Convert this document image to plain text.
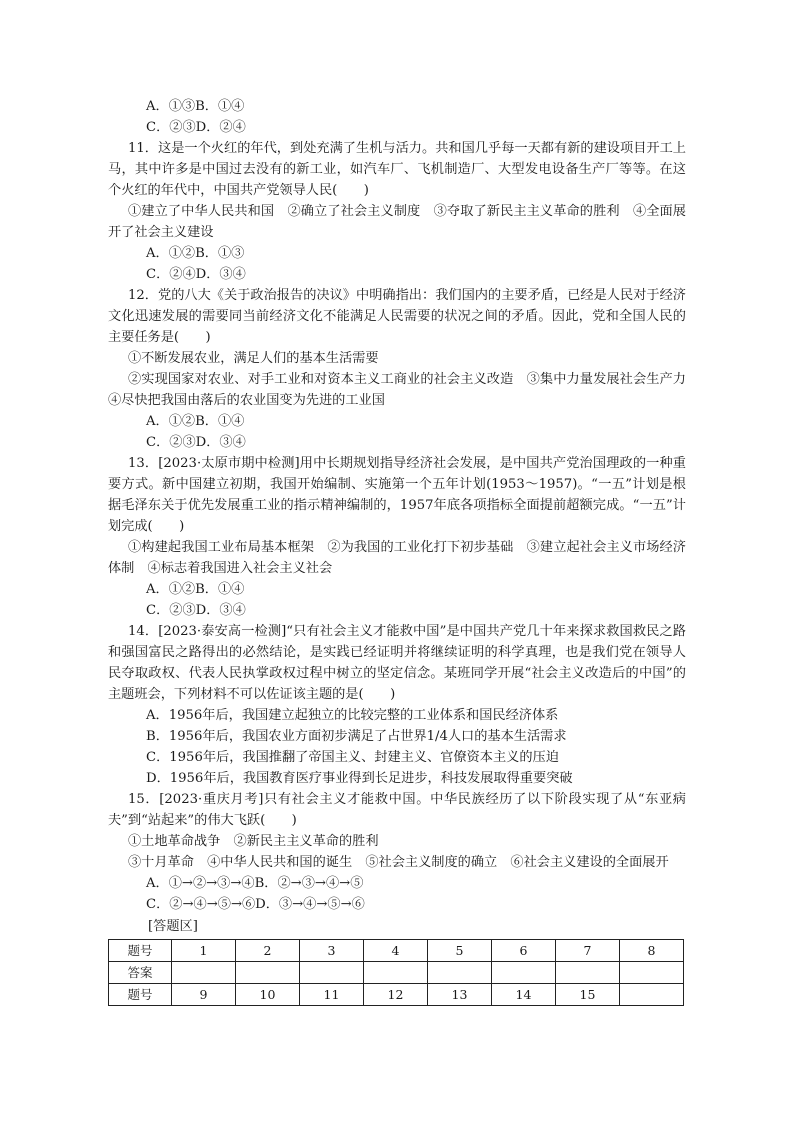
A．①③B．①④
C．②③D．②④
11．这是一个火红的年代，到处充满了生机与活力。共和国几乎每一天都有新的建设项目开工上马，其中许多是中国过去没有的新工业，如汽车厂、飞机制造厂、大型发电设备生产厂等等。在这个火红的年代中，中国共产党领导人民(　　)
①建立了中华人民共和国　②确立了社会主义制度　③夺取了新民主主义革命的胜利　④全面展开了社会主义建设
A．①②B．①③
C．②④D．③④
12．党的八大《关于政治报告的决议》中明确指出：我们国内的主要矛盾，已经是人民对于经济文化迅速发展的需要同当前经济文化不能满足人民需要的状况之间的矛盾。因此，党和全国人民的主要任务是(　　)
①不断发展农业，满足人们的基本生活需要
②实现国家对农业、对手工业和对资本主义工商业的社会主义改造　③集中力量发展社会生产力　④尽快把我国由落后的农业国变为先进的工业国
A．①②B．①④
C．②③D．③④
13．[2023·太原市期中检测]用中长期规划指导经济社会发展，是中国共产党治国理政的一种重要方式。新中国建立初期，我国开始编制、实施第一个五年计划(1953～1957)。“一五”计划是根据毛泽东关于优先发展重工业的指示精神编制的，1957年底各项指标全面提前超额完成。“一五”计划完成(　　)
①构建起我国工业布局基本框架　②为我国的工业化打下初步基础　③建立起社会主义市场经济体制　④标志着我国进入社会主义社会
A．①②B．①④
C．②③D．③④
14．[2023·泰安高一检测]“只有社会主义才能救中国”是中国共产党几十年来探求救国救民之路和强国富民之路得出的必然结论，是实践已经证明并将继续证明的科学真理，也是我们党在领导人民夺取政权、代表人民执掌政权过程中树立的坚定信念。某班同学开展“社会主义改造后的中国”的主题班会，下列材料不可以佐证该主题的是(　　)
A．1956年后，我国建立起独立的比较完整的工业体系和国民经济体系
B．1956年后，我国农业方面初步满足了占世界1/4人口的基本生活需求
C．1956年后，我国推翻了帝国主义、封建主义、官僚资本主义的压迫
D．1956年后，我国教育医疗事业得到长足进步，科技发展取得重要突破
15．[2023·重庆月考]只有社会主义才能救中国。中华民族经历了以下阶段实现了从“东亚病夫”到“站起来”的伟大飞跃(　　)
①土地革命战争　②新民主主义革命的胜利
③十月革命　④中华人民共和国的诞生　⑤社会主义制度的确立　⑥社会主义建设的全面展开
A．①→②→③→④B．②→③→④→⑤
C．②→④→⑤→⑥D．③→④→⑤→⑥
[答题区]
题号	1	2	3	4	5	6	7	8
答案								
题号	9	10	11	12	13	14	15	
